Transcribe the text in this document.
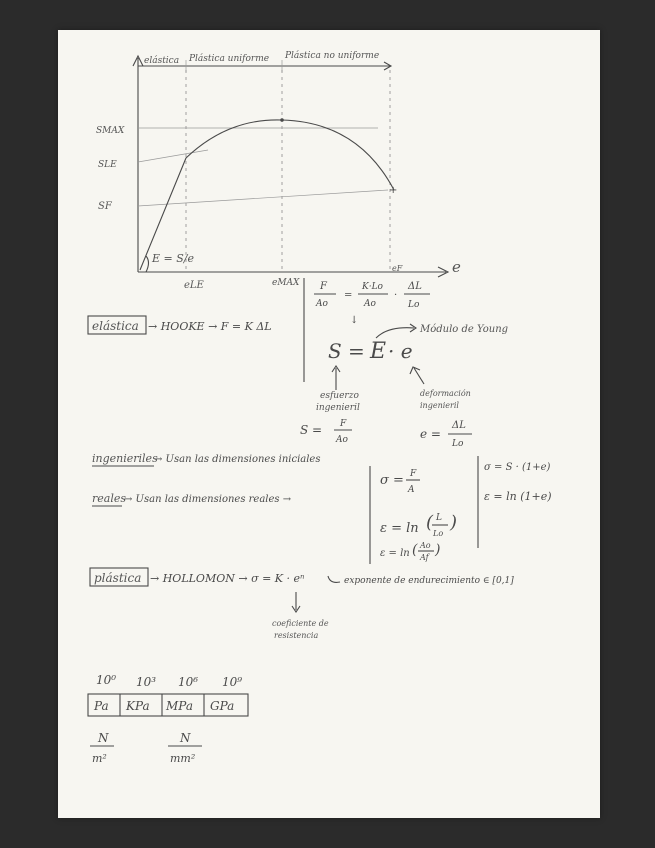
elástica Plástica uniforme Plástica no uniforme
+
SMAX
SLE
SF
E = S/e
eLE	eMAX
eF	e
elástica → HOOKE → F = K ΔL
F
Ao
=
K·Lo
Ao
·
ΔL
Lo
↓
S = E · e
Módulo de Young
esfuerzo
ingenieril
deformación
ingenieril
S = F
Ao	e =
ΔL
Lo
ingenieriles
→ Usan las dimensiones iniciales
reales
→ Usan las dimensiones reales →
σ = F
A
ε = ln ( L
Lo
)
ε = ln ( Ao
Af )
σ = S · (1+e)
ε = ln (1+e)
plástica → HOLLOMON → σ = K · eⁿ	exponente de endurecimiento ∈ [0,1]
coeficiente de
resistencia
10⁰ 10³ 10⁶ 10⁹
Pa KPa MPa GPa
N
m²
N
mm²
